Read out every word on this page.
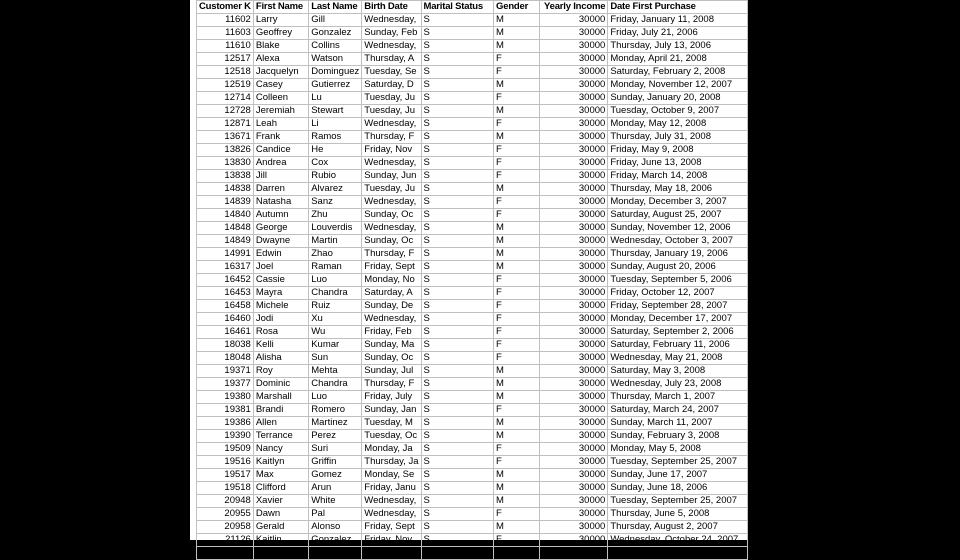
Customer K	First Name	Last Name	Birth Date	Marital Status	Gender	Yearly Income	Date First Purchase
11602	Larry	Gill	Wednesday,	S	M	30000	Friday, January 11, 2008
11603	Geoffrey	Gonzalez	Sunday, Feb	S	M	30000	Friday, July 21, 2006
11610	Blake	Collins	Wednesday,	S	M	30000	Thursday, July 13, 2006
12517	Alexa	Watson	Thursday, A	S	F	30000	Monday, April 21, 2008
12518	Jacquelyn	Dominguez	Tuesday, Se	S	F	30000	Saturday, February 2, 2008
12519	Casey	Gutierrez	Saturday, D	S	M	30000	Monday, November 12, 2007
12714	Colleen	Lu	Tuesday, Ju	S	F	30000	Sunday, January 20, 2008
12728	Jeremiah	Stewart	Tuesday, Ju	S	M	30000	Tuesday, October 9, 2007
12871	Leah	Li	Wednesday,	S	F	30000	Monday, May 12, 2008
13671	Frank	Ramos	Thursday, F	S	M	30000	Thursday, July 31, 2008
13826	Candice	He	Friday, Nov	S	F	30000	Friday, May 9, 2008
13830	Andrea	Cox	Wednesday,	S	F	30000	Friday, June 13, 2008
13838	Jill	Rubio	Sunday, Jun	S	F	30000	Friday, March 14, 2008
14838	Darren	Alvarez	Tuesday, Ju	S	M	30000	Thursday, May 18, 2006
14839	Natasha	Sanz	Wednesday,	S	F	30000	Monday, December 3, 2007
14840	Autumn	Zhu	Sunday, Oc	S	F	30000	Saturday, August 25, 2007
14848	George	Louverdis	Wednesday,	S	M	30000	Sunday, November 12, 2006
14849	Dwayne	Martin	Sunday, Oc	S	M	30000	Wednesday, October 3, 2007
14991	Edwin	Zhao	Thursday, F	S	M	30000	Thursday, January 19, 2006
16317	Joel	Raman	Friday, Sept	S	M	30000	Sunday, August 20, 2006
16452	Cassie	Luo	Monday, No	S	F	30000	Tuesday, September 5, 2006
16453	Mayra	Chandra	Saturday, A	S	F	30000	Friday, October 12, 2007
16458	Michele	Ruiz	Sunday, De	S	F	30000	Friday, September 28, 2007
16460	Jodi	Xu	Wednesday,	S	F	30000	Monday, December 17, 2007
16461	Rosa	Wu	Friday, Feb	S	F	30000	Saturday, September 2, 2006
18038	Kelli	Kumar	Sunday, Ma	S	F	30000	Saturday, February 11, 2006
18048	Alisha	Sun	Sunday, Oc	S	F	30000	Wednesday, May 21, 2008
19371	Roy	Mehta	Sunday, Jul	S	M	30000	Saturday, May 3, 2008
19377	Dominic	Chandra	Thursday, F	S	M	30000	Wednesday, July 23, 2008
19380	Marshall	Luo	Friday, July	S	M	30000	Thursday, March 1, 2007
19381	Brandi	Romero	Sunday, Jan	S	F	30000	Saturday, March 24, 2007
19386	Allen	Martinez	Tuesday, M	S	M	30000	Sunday, March 11, 2007
19390	Terrance	Perez	Tuesday, Oc	S	M	30000	Sunday, February 3, 2008
19509	Nancy	Suri	Monday, Ja	S	F	30000	Monday, May 5, 2008
19516	Kaitlyn	Griffin	Thursday, Ja	S	F	30000	Tuesday, September 25, 2007
19517	Max	Gomez	Monday, Se	S	M	30000	Sunday, June 17, 2007
19518	Clifford	Arun	Friday, Janu	S	M	30000	Sunday, June 18, 2006
20948	Xavier	White	Wednesday,	S	M	30000	Tuesday, September 25, 2007
20955	Dawn	Pal	Wednesday,	S	F	30000	Thursday, June 5, 2008
20958	Gerald	Alonso	Friday, Sept	S	M	30000	Thursday, August 2, 2007
21126	Kaitlin	Gonzalez	Friday, Nov	S	F	30000	Wednesday, October 24, 2007
21129	Kenneth	Anderson	Friday, Jun	S	M	30000	Sunday, December 30, 2007
